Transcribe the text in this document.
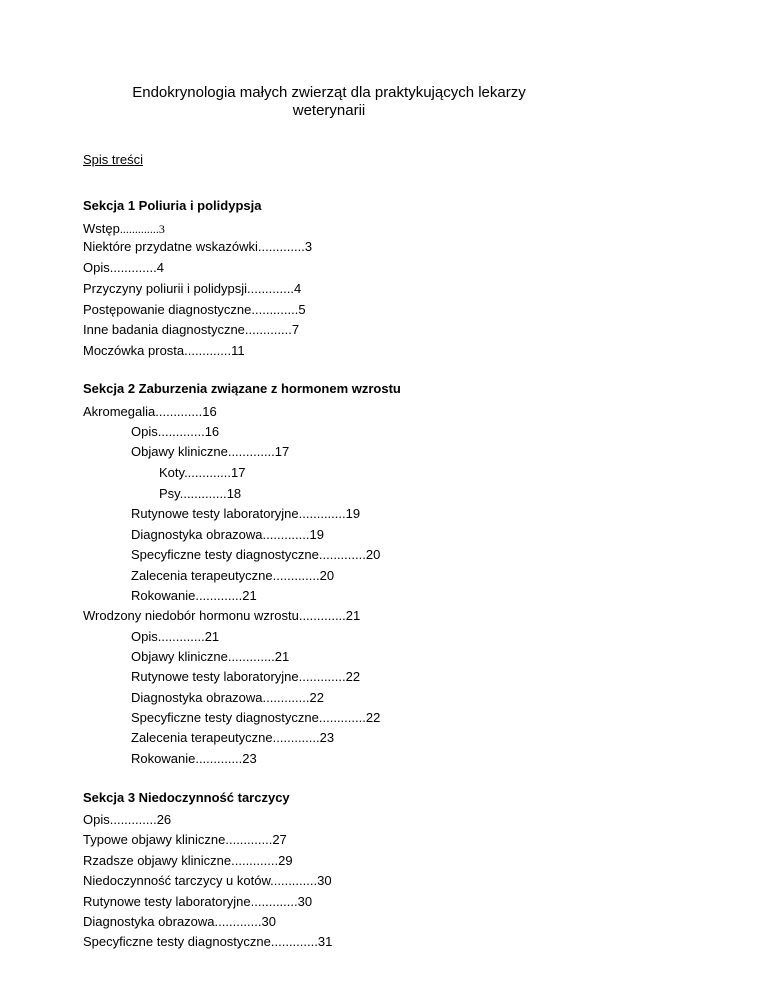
Endokrynologia małych zwierząt dla praktykujących lekarzy
weterynarii

Spis treści

Sekcja 1 Poliuria i polidypsja

Wstęp.............3

Niektóre przydatne wskazówki.............3

Opis.............4

Przyczyny poliurii i polidypsji.............4

Postępowanie diagnostyczne.............5

Inne badania diagnostyczne.............7

Moczówka prosta.............11

Sekcja 2 Zaburzenia związane z hormonem wzrostu

Akromegalia.............16

Opis.............16

Objawy kliniczne.............17

Koty.............17

Psy.............18

Rutynowe testy laboratoryjne.............19

Diagnostyka obrazowa.............19

Specyficzne testy diagnostyczne.............20

Zalecenia terapeutyczne.............20

Rokowanie.............21

Wrodzony niedobór hormonu wzrostu.............21

Opis.............21

Objawy kliniczne.............21

Rutynowe testy laboratoryjne.............22

Diagnostyka obrazowa.............22

Specyficzne testy diagnostyczne.............22

Zalecenia terapeutyczne.............23

Rokowanie.............23

Sekcja 3 Niedoczynność tarczycy

Opis.............26

Typowe objawy kliniczne.............27

Rzadsze objawy kliniczne.............29

Niedoczynność tarczycy u kotów.............30

Rutynowe testy laboratoryjne.............30

Diagnostyka obrazowa.............30

Specyficzne testy diagnostyczne.............31
